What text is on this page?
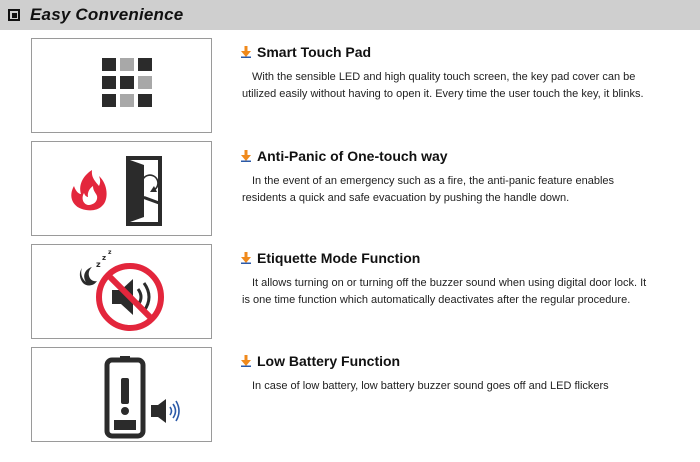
Easy Convenience
Smart Touch Pad
With the sensible LED and high quality touch screen, the key pad cover can be utilized easily without having to open it. Every time the user touch the key, it blinks.
Anti-Panic of One-touch way
In the event of an emergency such as a fire, the anti-panic feature enables residents a quick and safe evacuation by pushing the handle down.
z
z
z	Etiquette Mode Function
It allows turning on or turning off the buzzer sound when using digital door lock. It is one time function which automatically deactivates after the regular procedure.
Low Battery Function
In case of low battery, low battery buzzer sound goes off and LED flickers
